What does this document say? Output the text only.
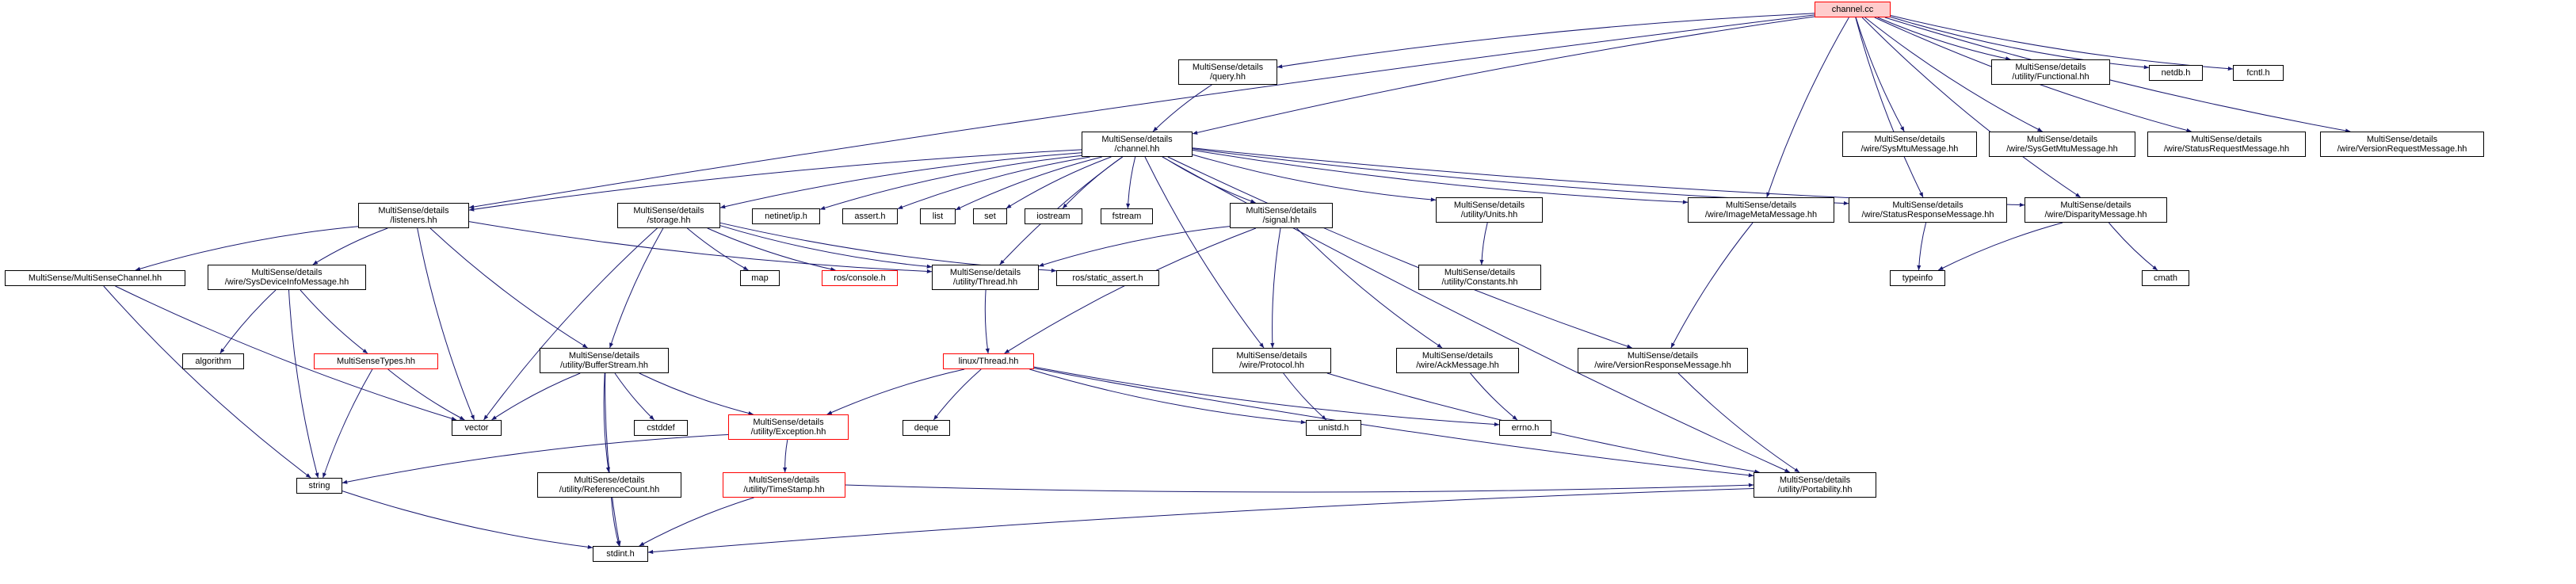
channel.cc
MultiSense/details
/query.hh
MultiSense/details
/utility/Functional.hh	netdb.h	fcntl.h
MultiSense/details
/channel.hh
MultiSense/details
/wire/SysMtuMessage.hh
MultiSense/details
/wire/SysGetMtuMessage.hh
MultiSense/details
/wire/StatusRequestMessage.hh
MultiSense/details
/wire/VersionRequestMessage.hh
MultiSense/details
/listeners.hh
MultiSense/details
/storage.hh	netinet/ip.h	assert.h	list	set	iostream	fstream
MultiSense/details
/signal.hh
MultiSense/details
/utility/Units.hh
MultiSense/details
/wire/ImageMetaMessage.hh
MultiSense/details
/wire/StatusResponseMessage.hh
MultiSense/details
/wire/DisparityMessage.hh
MultiSense/MultiSenseChannel.hh
MultiSense/details
/wire/SysDeviceInfoMessage.hh	map	ros/console.h
MultiSense/details
/utility/Thread.hh	ros/static_assert.h
MultiSense/details
/utility/Constants.hh	typeinfo	cmath
algorithm	MultiSenseTypes.hh
MultiSense/details
/utility/BufferStream.hh	linux/Thread.hh
MultiSense/details
/wire/Protocol.hh
MultiSense/details
/wire/AckMessage.hh
MultiSense/details
/wire/VersionResponseMessage.hh
vector	cstddef
MultiSense/details
/utility/Exception.hh	deque	unistd.h	errno.h
MultiSense/details
/utility/Portability.hh
string
MultiSense/details
/utility/ReferenceCount.hh
MultiSense/details
/utility/TimeStamp.hh
stdint.h
